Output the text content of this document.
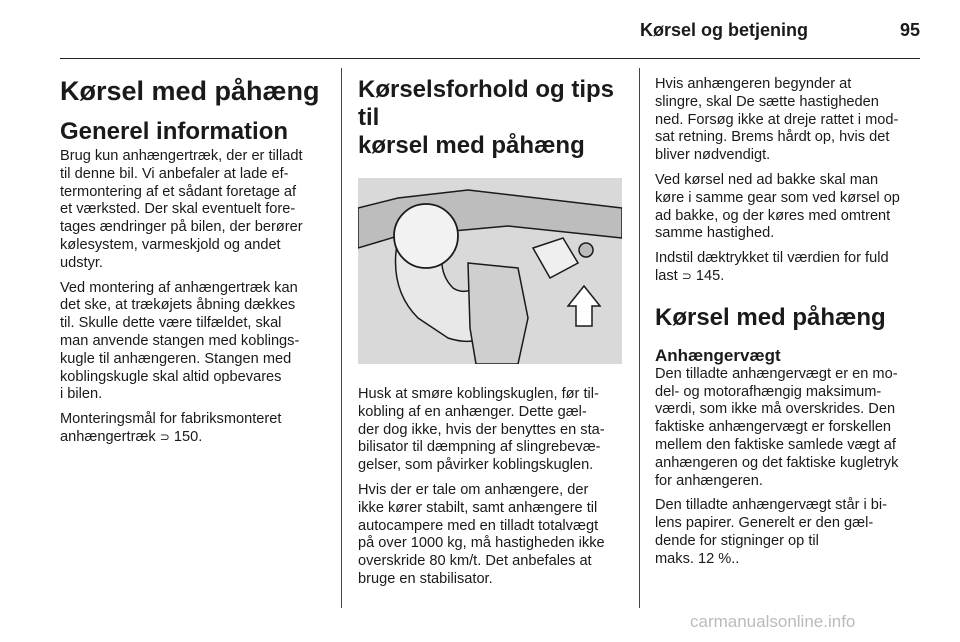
Kørsel og betjening	95
Kørsel med påhæng
Generel information

Brug kun anhængertræk, der er tilladt
til denne bil. Vi anbefaler at lade ef-
termontering af et sådant foretage af
et værksted. Der skal eventuelt fore-
tages ændringer på bilen, der berører
kølesystem, varmeskjold og andet
udstyr.

Ved montering af anhængertræk kan
det ske, at trækøjets åbning dækkes
til. Skulle dette være tilfældet, skal
man anvende stangen med koblings-
kugle til anhængeren. Stangen med
koblingskugle skal altid opbevares
i bilen.

Monteringsmål for fabriksmonteret
anhængertræk ⊃ 150.

Kørselsforhold og tips til
kørsel med påhæng

Husk at smøre koblingskuglen, før til-
kobling af en anhænger. Dette gæl-
der dog ikke, hvis der benyttes en sta-
bilisator til dæmpning af slingrebevæ-
gelser, som påvirker koblingskuglen.

Hvis der er tale om anhængere, der
ikke kører stabilt, samt anhængere til
autocampere med en tilladt totalvægt
på over 1000 kg, må hastigheden ikke
overskride 80 km/t. Det anbefales at
bruge en stabilisator.

Hvis anhængeren begynder at
slingre, skal De sætte hastigheden
ned. Forsøg ikke at dreje rattet i mod-
sat retning. Brems hårdt op, hvis det
bliver nødvendigt.

Ved kørsel ned ad bakke skal man
køre i samme gear som ved kørsel op
ad bakke, og der køres med omtrent
samme hastighed.

Indstil dæktrykket til værdien for fuld
last ⊃ 145.

Kørsel med påhæng
Anhængervægt

Den tilladte anhængervægt er en mo-
del- og motorafhængig maksimum-
værdi, som ikke må overskrides. Den
faktiske anhængervægt er forskellen
mellem den faktiske samlede vægt af
anhængeren og det faktiske kugletryk
for anhængeren.

Den tilladte anhængervægt står i bi-
lens papirer. Generelt er den gæl-
dende for stigninger op til
maks. 12 %..

carmanualsonline.info
